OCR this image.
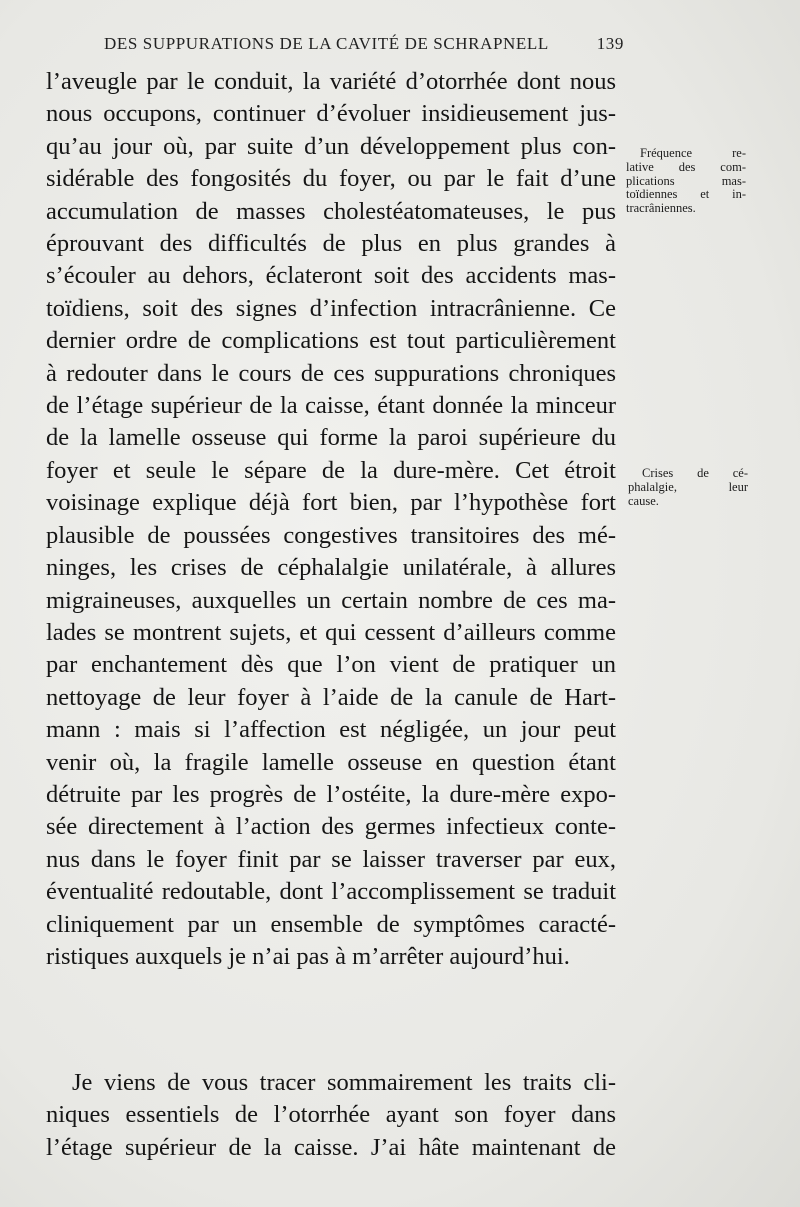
DES SUPPURATIONS DE LA CAVITÉ DE SCHRAPNELL	139
l’aveugle par le conduit, la variété d’otorrhée dont nous
nous occupons, continuer d’évoluer insidieusement jus-
qu’au jour où, par suite d’un développement plus con-
sidérable des fongosités du foyer, ou par le fait d’une
accumulation de masses cholestéatomateuses, le pus
éprouvant des difficultés de plus en plus grandes à
s’écouler au dehors, éclateront soit des accidents mas-
toïdiens, soit des signes d’infection intracrânienne. Ce
dernier ordre de complications est tout particulièrement
à redouter dans le cours de ces suppurations chroniques
de l’étage supérieur de la caisse, étant donnée la minceur
de la lamelle osseuse qui forme la paroi supérieure du
foyer et seule le sépare de la dure-mère. Cet étroit
voisinage explique déjà fort bien, par l’hypothèse fort
plausible de poussées congestives transitoires des mé-
ninges, les crises de céphalalgie unilatérale, à allures
migraineuses, auxquelles un certain nombre de ces ma-
lades se montrent sujets, et qui cessent d’ailleurs comme
par enchantement dès que l’on vient de pratiquer un
nettoyage de leur foyer à l’aide de la canule de Hart-
mann : mais si l’affection est négligée, un jour peut
venir où, la fragile lamelle osseuse en question étant
détruite par les progrès de l’ostéite, la dure-mère expo-
sée directement à l’action des germes infectieux conte-
nus dans le foyer finit par se laisser traverser par eux,
éventualité redoutable, dont l’accomplissement se traduit
cliniquement par un ensemble de symptômes caracté-
ristiques auxquels je n’ai pas à m’arrêter aujourd’hui.
Fréquence re-
lative des com-
plications mas-
toïdiennes et in-
tracrâniennes.
Crises de cé-
phalalgie, leur
cause.
Je viens de vous tracer sommairement les traits cli-
niques essentiels de l’otorrhée ayant son foyer dans
l’étage supérieur de la caisse. J’ai hâte maintenant de
